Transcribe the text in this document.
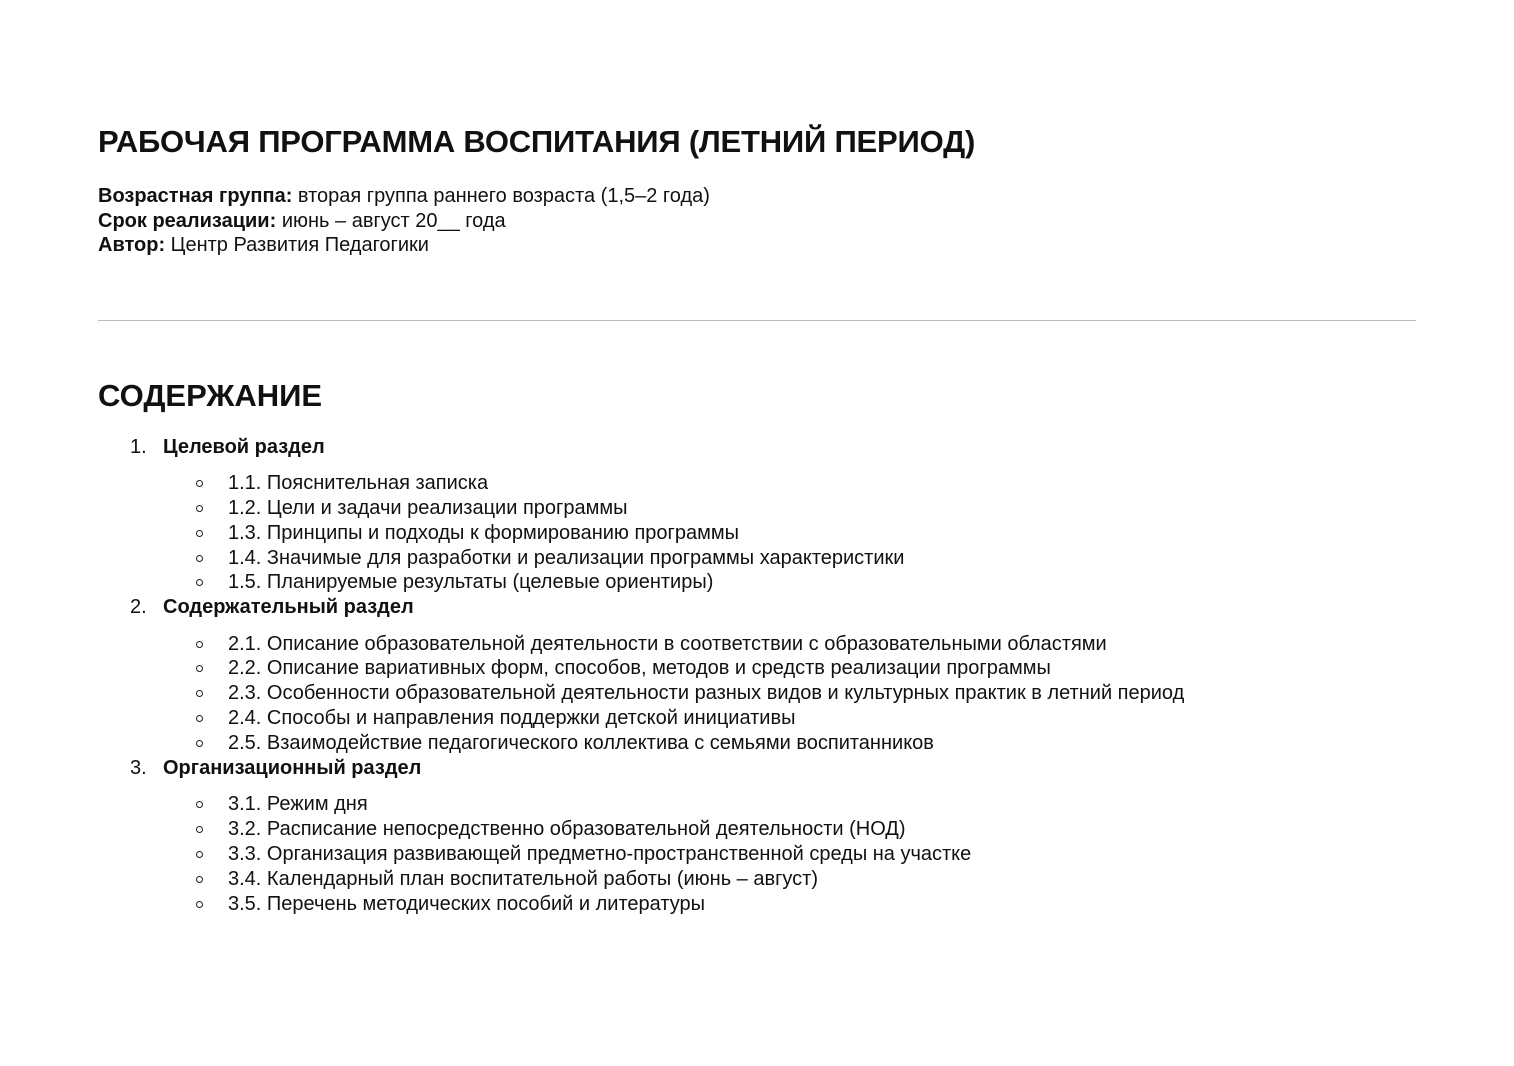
РАБОЧАЯ ПРОГРАММА ВОСПИТАНИЯ (ЛЕТНИЙ ПЕРИОД)
Возрастная группа: вторая группа раннего возраста (1,5–2 года)
Срок реализации: июнь – август 20__ года
Автор: Центр Развития Педагогики
СОДЕРЖАНИЕ
1. Целевой раздел
1.1. Пояснительная записка
1.2. Цели и задачи реализации программы
1.3. Принципы и подходы к формированию программы
1.4. Значимые для разработки и реализации программы характеристики
1.5. Планируемые результаты (целевые ориентиры)
2. Содержательный раздел
2.1. Описание образовательной деятельности в соответствии с образовательными областями
2.2. Описание вариативных форм, способов, методов и средств реализации программы
2.3. Особенности образовательной деятельности разных видов и культурных практик в летний период
2.4. Способы и направления поддержки детской инициативы
2.5. Взаимодействие педагогического коллектива с семьями воспитанников
3. Организационный раздел
3.1. Режим дня
3.2. Расписание непосредственно образовательной деятельности (НОД)
3.3. Организация развивающей предметно-пространственной среды на участке
3.4. Календарный план воспитательной работы (июнь – август)
3.5. Перечень методических пособий и литературы
